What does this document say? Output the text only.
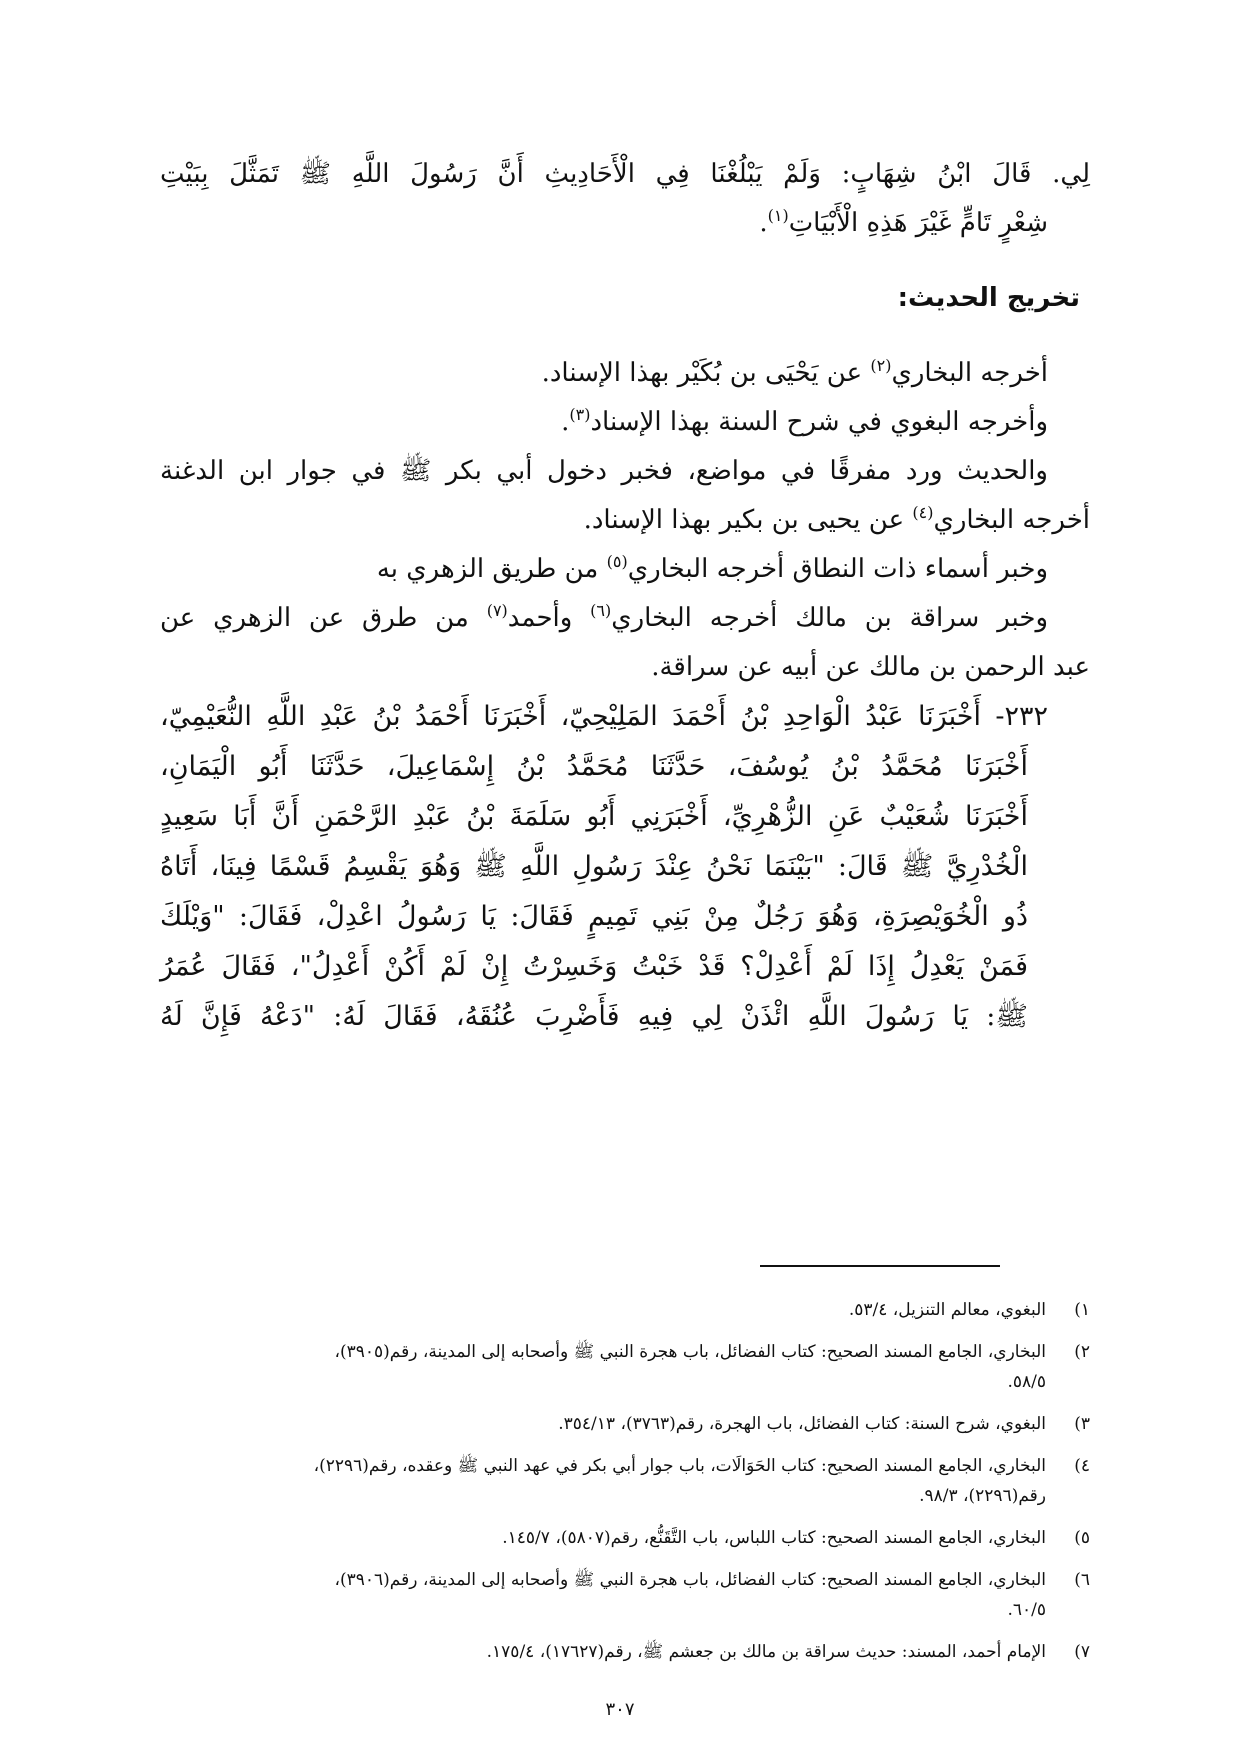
لِي. قَالَ ابْنُ شِهَابٍ: وَلَمْ يَبْلُغْنَا فِي الْأَحَادِيثِ أَنَّ رَسُولَ اللَّهِ ﷺ تَمَثَّلَ بِبَيْتِ

شِعْرٍ تَامٍّ غَيْرَ هَذِهِ الْأَبْيَاتِ$^{(١)}$.

تخريج الحديث:

أخرجه البخاري$^{(٢)}$ عن يَحْيَى بن بُكَيْر بهذا الإسناد.

وأخرجه البغوي في شرح السنة بهذا الإسناد$^{(٣)}$.

والحديث ورد مفرقًا في مواضع، فخبر دخول أبي بكر ﷺ في جوار ابن الدغنة

أخرجه البخاري$^{(٤)}$ عن يحيى بن بكير بهذا الإسناد.

وخبر أسماء ذات النطاق أخرجه البخاري$^{(٥)}$ من طريق الزهري به

وخبر سراقة بن مالك أخرجه البخاري$^{(٦)}$ وأحمد$^{(٧)}$ من طرق عن الزهري عن

عبد الرحمن بن مالك عن أبيه عن سراقة.

٢٣٢- أَخْبَرَنَا عَبْدُ الْوَاحِدِ بْنُ أَحْمَدَ المَلِيْحِيّ، أَخْبَرَنَا أَحْمَدُ بْنُ عَبْدِ اللَّهِ النُّعَيْمِيّ،

أَخْبَرَنَا مُحَمَّدُ بْنُ يُوسُفَ، حَدَّثَنَا مُحَمَّدُ بْنُ إِسْمَاعِيلَ، حَدَّثَنَا أَبُو الْيَمَانِ،

أَخْبَرَنَا شُعَيْبٌ عَنِ الزُّهْرِيِّ، أَخْبَرَنِي أَبُو سَلَمَةَ بْنُ عَبْدِ الرَّحْمَنِ أَنَّ أَبَا سَعِيدٍ

الْخُدْرِيَّ ﷺ قَالَ: "بَيْنَمَا نَحْنُ عِنْدَ رَسُولِ اللَّهِ ﷺ وَهُوَ يَقْسِمُ قَسْمًا فِينَا، أَتَاهُ

ذُو الْخُوَيْصِرَةِ، وَهُوَ رَجُلٌ مِنْ بَنِي تَمِيمٍ فَقَالَ: يَا رَسُولُ اعْدِلْ، فَقَالَ: "وَيْلَكَ

فَمَنْ يَعْدِلُ إِذَا لَمْ أَعْدِلْ؟ قَدْ خَبْتُ وَخَسِرْتُ إِنْ لَمْ أَكُنْ أَعْدِلُ"، فَقَالَ عُمَرُ

ﷺ: يَا رَسُولَ اللَّهِ ائْذَنْ لِي فِيهِ فَأَضْرِبَ عُنُقَهُ، فَقَالَ لَهُ: "دَعْهُ فَإِنَّ لَهُ

١)
البغوي، معالم التنزيل، ٥٣/٤.
٢)
البخاري، الجامع المسند الصحيح: كتاب الفضائل، باب هجرة النبي ﷺ وأصحابه إلى المدينة، رقم(٣٩٠٥)،
٥٨/٥.
٣)
البغوي، شرح السنة: كتاب الفضائل، باب الهجرة، رقم(٣٧٦٣)، ٣٥٤/١٣.
٤)
البخاري، الجامع المسند الصحيح: كتاب الحَوَالَات، باب جوار أبي بكر في عهد النبي ﷺ وعقده، رقم(٢٢٩٦)،
رقم(٢٢٩٦)، ٩٨/٣.
٥)
البخاري، الجامع المسند الصحيح: كتاب اللباس، باب التَّقَنُّع، رقم(٥٨٠٧)، ١٤٥/٧.
٦)
البخاري، الجامع المسند الصحيح: كتاب الفضائل، باب هجرة النبي ﷺ وأصحابه إلى المدينة، رقم(٣٩٠٦)،
٦٠/٥.
٧)
الإمام أحمد، المسند: حديث سراقة بن مالك بن جعشم ﷺ، رقم(١٧٦٢٧)، ١٧٥/٤.
٣٠٧
